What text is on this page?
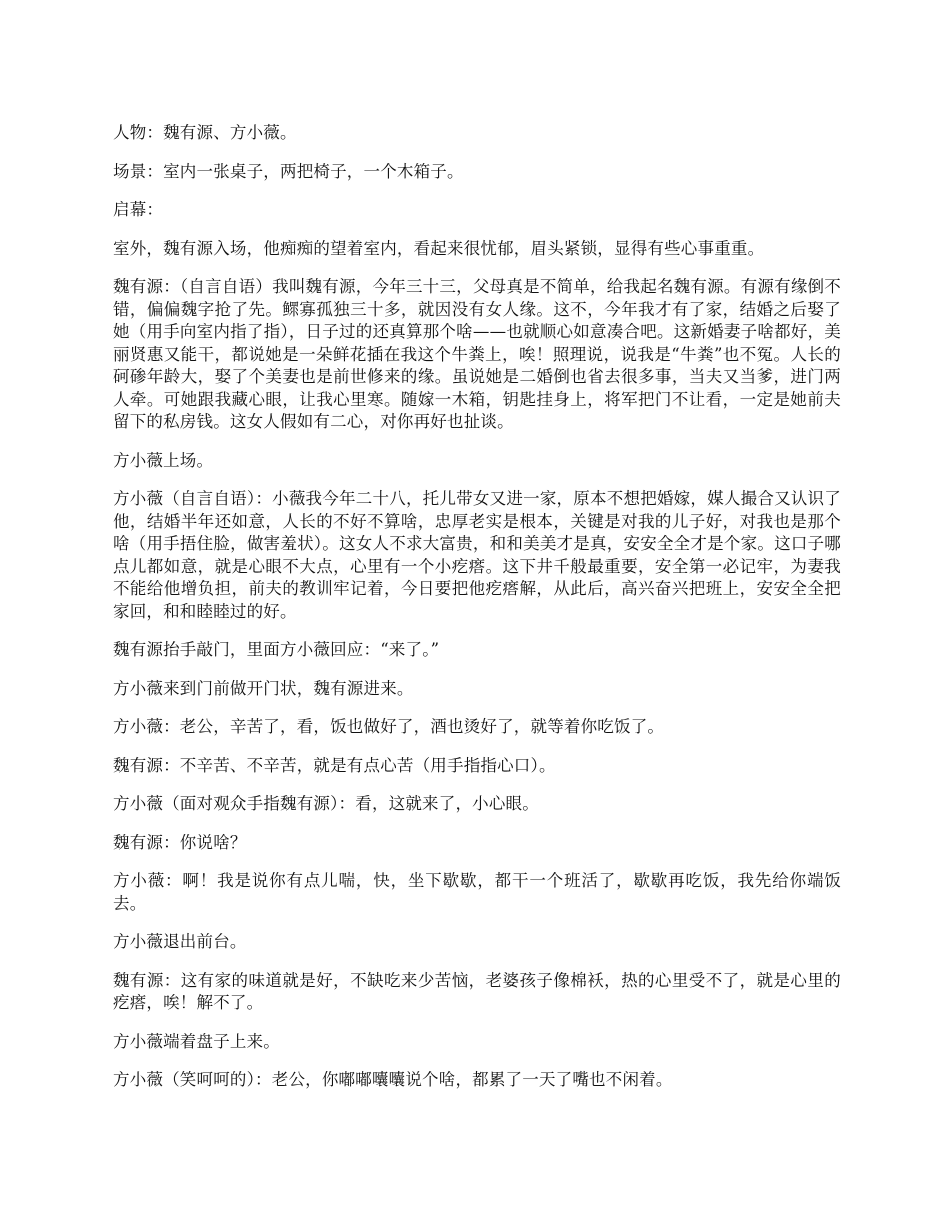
人物：魏有源、方小薇。

场景：室内一张桌子，两把椅子，一个木箱子。

启幕：

室外，魏有源入场，他痴痴的望着室内，看起来很忧郁，眉头紧锁，显得有些心事重重。

魏有源：（自言自语）我叫魏有源，今年三十三，父母真是不简单，给我起名魏有源。有源有缘倒不错，偏偏魏字抢了先。鳏寡孤独三十多，就因没有女人缘。这不，今年我才有了家，结婚之后娶了她（用手向室内指了指），日子过的还真算那个啥——也就顺心如意凑合吧。这新婚妻子啥都好，美丽贤惠又能干，都说她是一朵鲜花插在我这个牛粪上，唉！照理说，说我是“牛粪”也不冤。人长的砢碜年龄大，娶了个美妻也是前世修来的缘。虽说她是二婚倒也省去很多事，当夫又当爹，进门两人牵。可她跟我藏心眼，让我心里寒。随嫁一木箱，钥匙挂身上，将军把门不让看，一定是她前夫留下的私房钱。这女人假如有二心，对你再好也扯谈。

方小薇上场。

方小薇（自言自语）：小薇我今年二十八，托儿带女又进一家，原本不想把婚嫁，媒人撮合又认识了他，结婚半年还如意，人长的不好不算啥，忠厚老实是根本，关键是对我的儿子好，对我也是那个啥（用手捂住脸，做害羞状）。这女人不求大富贵，和和美美才是真，安安全全才是个家。这口子哪点儿都如意，就是心眼不大点，心里有一个小疙瘩。这下井千般最重要，安全第一必记牢，为妻我不能给他增负担，前夫的教训牢记着，今日要把他疙瘩解，从此后，高兴奋兴把班上，安安全全把家回，和和睦睦过的好。

魏有源抬手敲门，里面方小薇回应：“来了。”

方小薇来到门前做开门状，魏有源进来。

方小薇：老公，辛苦了，看，饭也做好了，酒也烫好了，就等着你吃饭了。

魏有源：不辛苦、不辛苦，就是有点心苦（用手指指心口）。

方小薇（面对观众手指魏有源）：看，这就来了，小心眼。

魏有源：你说啥？

方小薇：啊！我是说你有点儿喘，快，坐下歇歇，都干一个班活了，歇歇再吃饭，我先给你端饭去。

方小薇退出前台。

魏有源：这有家的味道就是好，不缺吃来少苦恼，老婆孩子像棉袄，热的心里受不了，就是心里的疙瘩，唉！解不了。

方小薇端着盘子上来。

方小薇（笑呵呵的）：老公，你嘟嘟囔囔说个啥，都累了一天了嘴也不闲着。
